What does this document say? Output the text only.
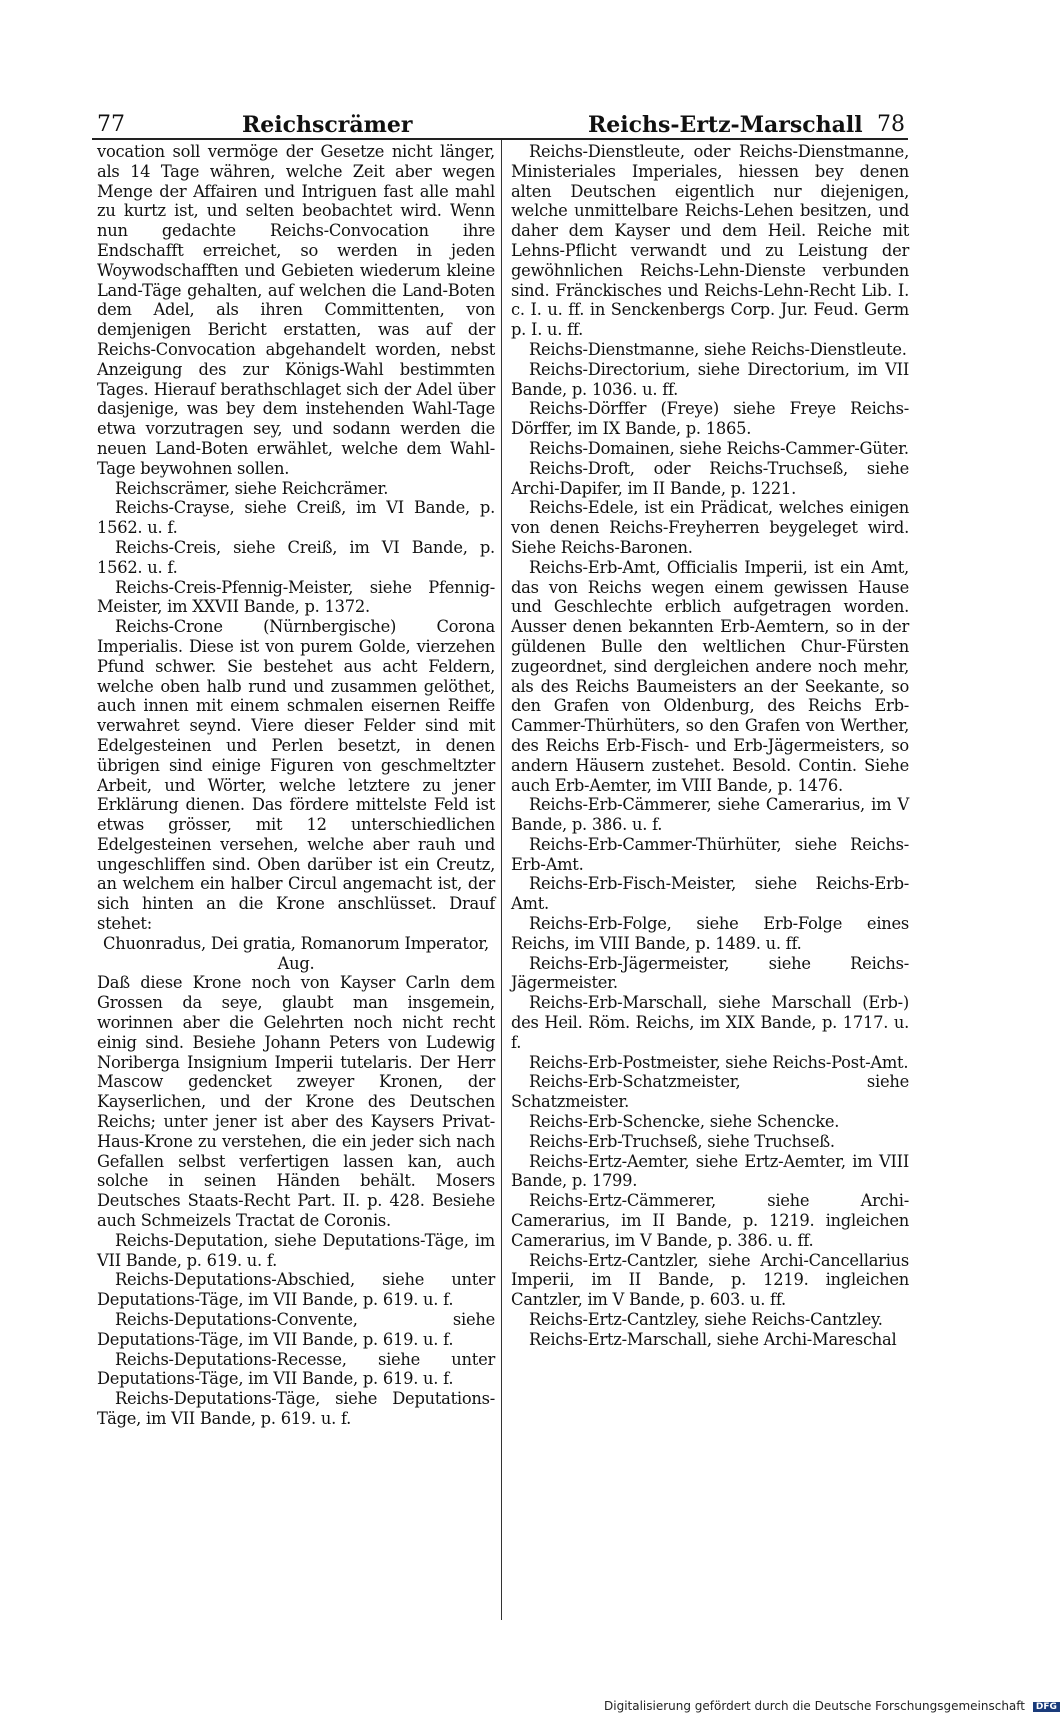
77	Reichscrämer	Reichs-Ertz-Marschall 78

vocation soll vermöge der Gesetze nicht länger, als 14 Tage währen, welche Zeit aber wegen Menge der Affairen und Intriguen fast alle mahl zu kurtz ist, und selten beobachtet wird. Wenn nun gedachte Reichs-Convocation ihre Endschafft erreichet, so werden in jeden Woywodschafften und Gebieten wiederum kleine Land-Täge gehalten, auf welchen die Land-Boten dem Adel, als ihren Committenten, von demjenigen Bericht erstatten, was auf der Reichs-Convocation abgehandelt worden, nebst Anzeigung des zur Königs-Wahl bestimmten Tages. Hierauf berathschlaget sich der Adel über dasjenige, was bey dem instehenden Wahl-Tage etwa vorzutragen sey, und sodann werden die neuen Land-Boten erwählet, welche dem Wahl-Tage beywohnen sollen.

Reichscrämer, siehe Reichcrämer.

Reichs-Crayse, siehe Creiß, im VI Bande, p. 1562. u. f.

Reichs-Creis, siehe Creiß, im VI Bande, p. 1562. u. f.

Reichs-Creis-Pfennig-Meister, siehe Pfennig-Meister, im XXVII Bande, p. 1372.

Reichs-Crone (Nürnbergische) Corona Imperialis. Diese ist von purem Golde, vierzehen Pfund schwer. Sie bestehet aus acht Feldern, welche oben halb rund und zusammen gelöthet, auch innen mit einem schmalen eisernen Reiffe verwahret seynd. Viere dieser Felder sind mit Edelgesteinen und Perlen besetzt, in denen übrigen sind einige Figuren von geschmeltzter Arbeit, und Wörter, welche letztere zu jener Erklärung dienen. Das fördere mittelste Feld ist etwas grösser, mit 12 unterschiedlichen Edelgesteinen versehen, welche aber rauh und ungeschliffen sind. Oben darüber ist ein Creutz, an welchem ein halber Circul angemacht ist, der sich hinten an die Krone anschlüsset. Drauf stehet:

Chuonradus, Dei gratia, Romanorum Imperator, Aug.

Daß diese Krone noch von Kayser Carln dem Grossen da seye, glaubt man insgemein, worinnen aber die Gelehrten noch nicht recht einig sind. Besiehe Johann Peters von Ludewig Noriberga Insignium Imperii tutelaris. Der Herr Mascow gedencket zweyer Kronen, der Kayserlichen, und der Krone des Deutschen Reichs; unter jener ist aber des Kaysers Privat-Haus-Krone zu verstehen, die ein jeder sich nach Gefallen selbst verfertigen lassen kan, auch solche in seinen Händen behält. Mosers Deutsches Staats-Recht Part. II. p. 428. Besiehe auch Schmeizels Tractat de Coronis.

Reichs-Deputation, siehe Deputations-Täge, im VII Bande, p. 619. u. f.

Reichs-Deputations-Abschied, siehe unter Deputations-Täge, im VII Bande, p. 619. u. f.

Reichs-Deputations-Convente, siehe Deputations-Täge, im VII Bande, p. 619. u. f.

Reichs-Deputations-Recesse, siehe unter Deputations-Täge, im VII Bande, p. 619. u. f.

Reichs-Deputations-Täge, siehe Deputations-Täge, im VII Bande, p. 619. u. f.

Reichs-Dienstleute, oder Reichs-Dienstmanne, Ministeriales Imperiales, hiessen bey denen alten Deutschen eigentlich nur diejenigen, welche unmittelbare Reichs-Lehen besitzen, und daher dem Kayser und dem Heil. Reiche mit Lehns-Pflicht verwandt und zu Leistung der gewöhnlichen Reichs-Lehn-Dienste verbunden sind. Fränckisches und Reichs-Lehn-Recht Lib. I. c. I. u. ff. in Senckenbergs Corp. Jur. Feud. Germ p. I. u. ff.

Reichs-Dienstmanne, siehe Reichs-Dienstleute.

Reichs-Directorium, siehe Directorium, im VII Bande, p. 1036. u. ff.

Reichs-Dörffer (Freye) siehe Freye Reichs-Dörffer, im IX Bande, p. 1865.

Reichs-Domainen, siehe Reichs-Cammer-Güter.

Reichs-Droft, oder Reichs-Truchseß, siehe Archi-Dapifer, im II Bande, p. 1221.

Reichs-Edele, ist ein Prädicat, welches einigen von denen Reichs-Freyherren beygeleget wird. Siehe Reichs-Baronen.

Reichs-Erb-Amt, Officialis Imperii, ist ein Amt, das von Reichs wegen einem gewissen Hause und Geschlechte erblich aufgetragen worden. Ausser denen bekannten Erb-Aemtern, so in der güldenen Bulle den weltlichen Chur-Fürsten zugeordnet, sind dergleichen andere noch mehr, als des Reichs Baumeisters an der Seekante, so den Grafen von Oldenburg, des Reichs Erb-Cammer-Thürhüters, so den Grafen von Werther, des Reichs Erb-Fisch- und Erb-Jägermeisters, so andern Häusern zustehet. Besold. Contin. Siehe auch Erb-Aemter, im VIII Bande, p. 1476.

Reichs-Erb-Cämmerer, siehe Camerarius, im V Bande, p. 386. u. f.

Reichs-Erb-Cammer-Thürhüter, siehe Reichs-Erb-Amt.

Reichs-Erb-Fisch-Meister, siehe Reichs-Erb-Amt.

Reichs-Erb-Folge, siehe Erb-Folge eines Reichs, im VIII Bande, p. 1489. u. ff.

Reichs-Erb-Jägermeister, siehe Reichs-Jägermeister.

Reichs-Erb-Marschall, siehe Marschall (Erb-) des Heil. Röm. Reichs, im XIX Bande, p. 1717. u. f.

Reichs-Erb-Postmeister, siehe Reichs-Post-Amt.

Reichs-Erb-Schatzmeister, siehe Schatzmeister.

Reichs-Erb-Schencke, siehe Schencke.

Reichs-Erb-Truchseß, siehe Truchseß.

Reichs-Ertz-Aemter, siehe Ertz-Aemter, im VIII Bande, p. 1799.

Reichs-Ertz-Cämmerer, siehe Archi-Camerarius, im II Bande, p. 1219. ingleichen Camerarius, im V Bande, p. 386. u. ff.

Reichs-Ertz-Cantzler, siehe Archi-Cancellarius Imperii, im II Bande, p. 1219. ingleichen Cantzler, im V Bande, p. 603. u. ff.

Reichs-Ertz-Cantzley, siehe Reichs-Cantzley.

Reichs-Ertz-Marschall, siehe Archi-Mareschal

Digitalisierung gefördert durch die Deutsche Forschungsgemeinschaft DFG
